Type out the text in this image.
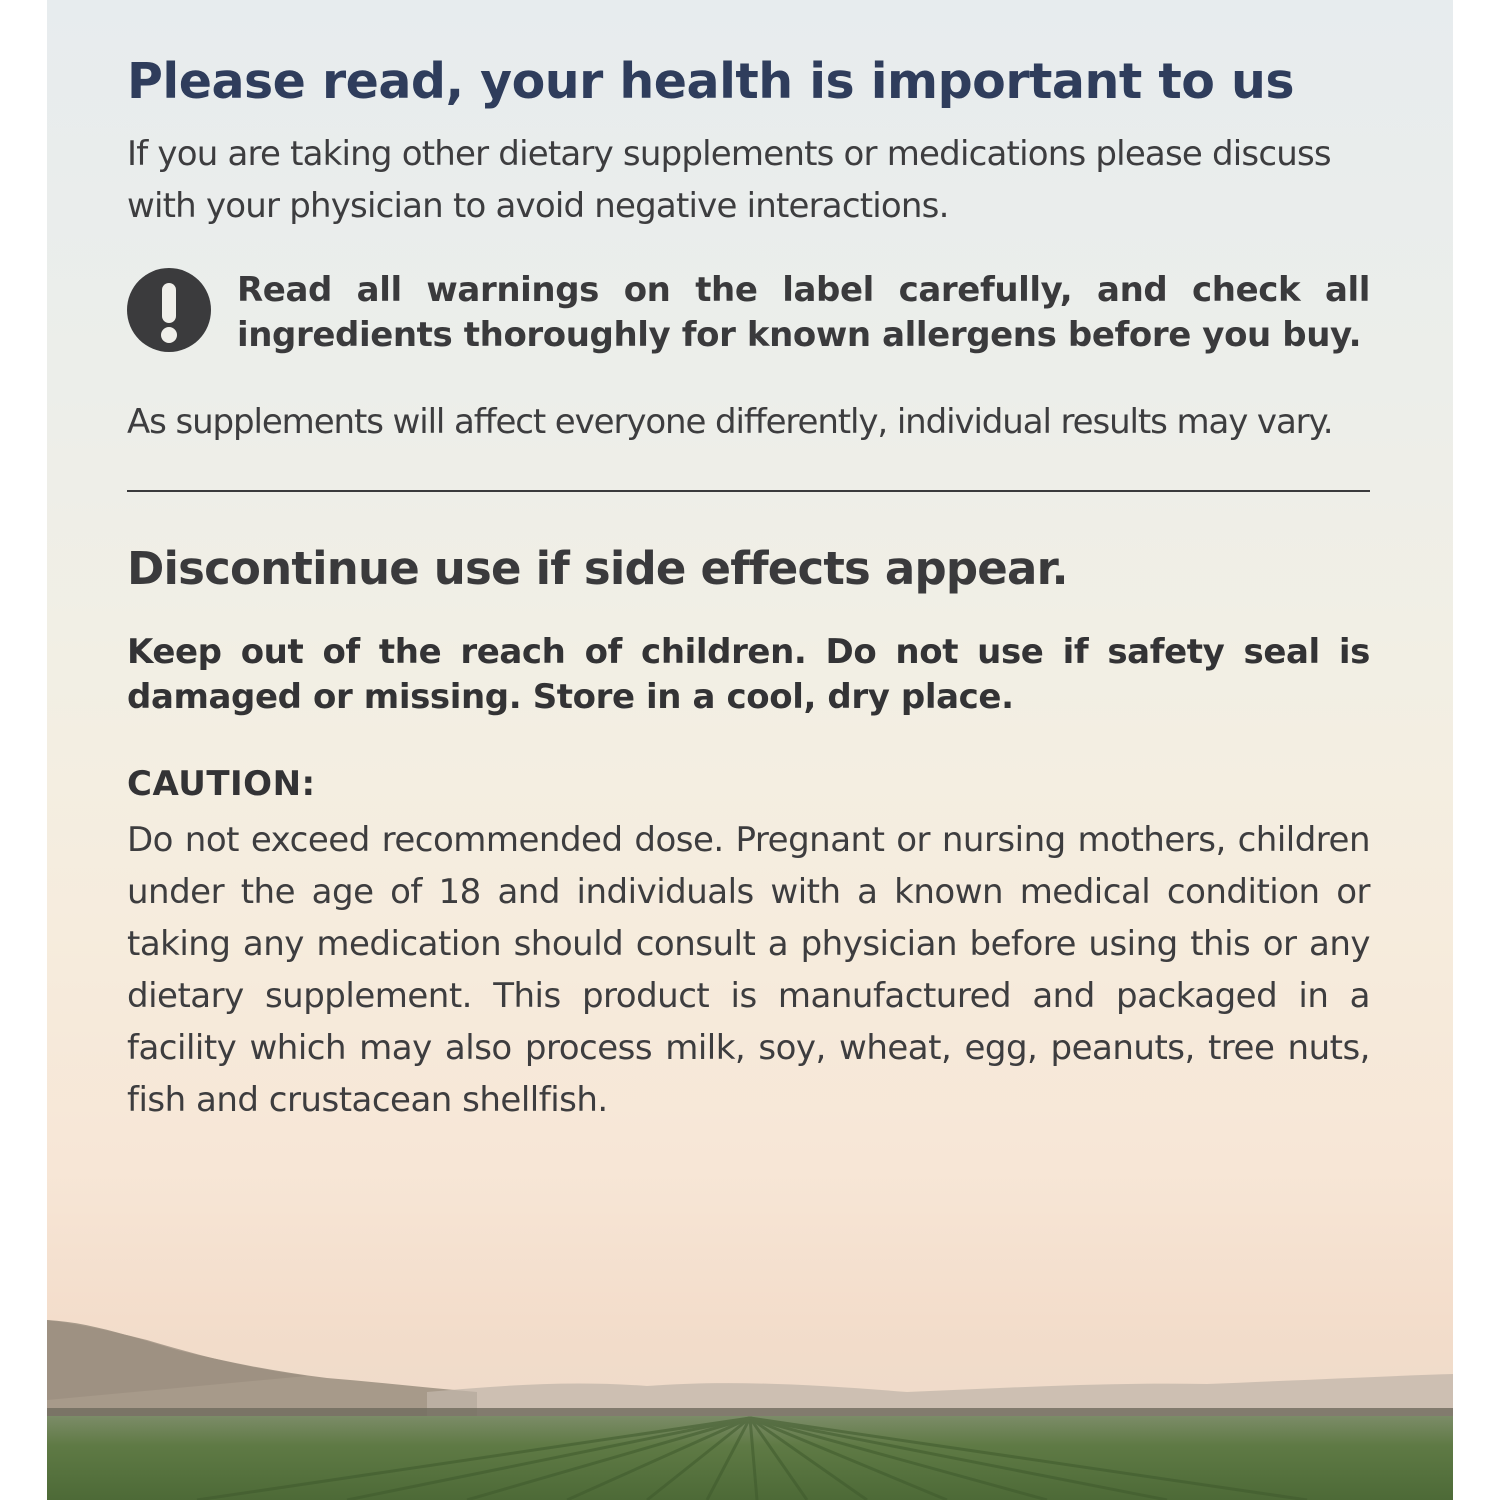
Please read, your health is important to us

If you are taking other dietary supplements or medications please discuss with your physician to avoid negative interactions.

Read all warnings on the label carefully, and check all ingredients thoroughly for known allergens before you buy.

As supplements will affect everyone differently, individual results may vary.

Discontinue use if side effects appear.

Keep out of the reach of children. Do not use if safety seal is damaged or missing. Store in a cool, dry place.

CAUTION:

Do not exceed recommended dose. Pregnant or nursing mothers, children under the age of 18 and individuals with a known medical condition or taking any medication should consult a physician before using this or any dietary supplement. This product is manufactured and packaged in a facility which may also process milk, soy, wheat, egg, peanuts, tree nuts, fish and crustacean shellfish.
